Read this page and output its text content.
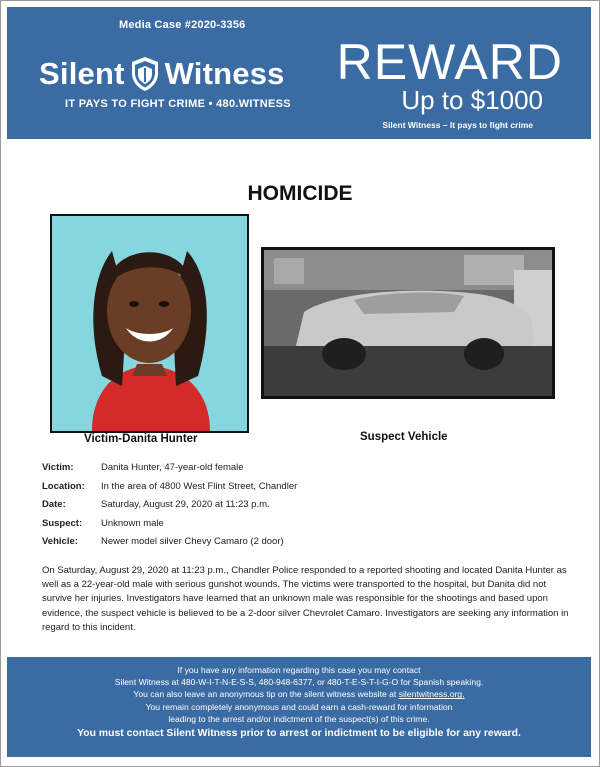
Media Case #2020-3356
Silent Witness
IT PAYS TO FIGHT CRIME • 480.WITNESS
REWARD
Up to $1000
Silent Witness – It pays to fight crime
HOMICIDE
Victim-Danita Hunter	Suspect Vehicle
Victim:	Danita Hunter, 47-year-old female
Location:	In the area of 4800 West Flint Street, Chandler
Date:	Saturday, August 29, 2020 at 11:23 p.m.
Suspect:	Unknown male
Vehicle:	Newer model silver Chevy Camaro (2 door)
On Saturday, August 29, 2020 at 11:23 p.m., Chandler Police responded to a reported shooting and located Danita Hunter as well as a 22-year-old male with serious gunshot wounds. The victims were transported to the hospital, but Danita did not survive her injuries. Investigators have learned that an unknown male was responsible for the shootings and based upon evidence, the suspect vehicle is believed to be a 2-door silver Chevrolet Camaro. Investigators are seeking any information in regard to this incident.
If you have any information regarding this case you may contact
Silent Witness at 480-W-I-T-N-E-S-S, 480-948-6377, or 480-T-E-S-T-I-G-O for Spanish speaking.
You can also leave an anonymous tip on the silent witness website at silentwitness.org.
You remain completely anonymous and could earn a cash-reward for information
leading to the arrest and/or indictment of the suspect(s) of this crime.
You must contact Silent Witness prior to arrest or indictment to be eligible for any reward.
